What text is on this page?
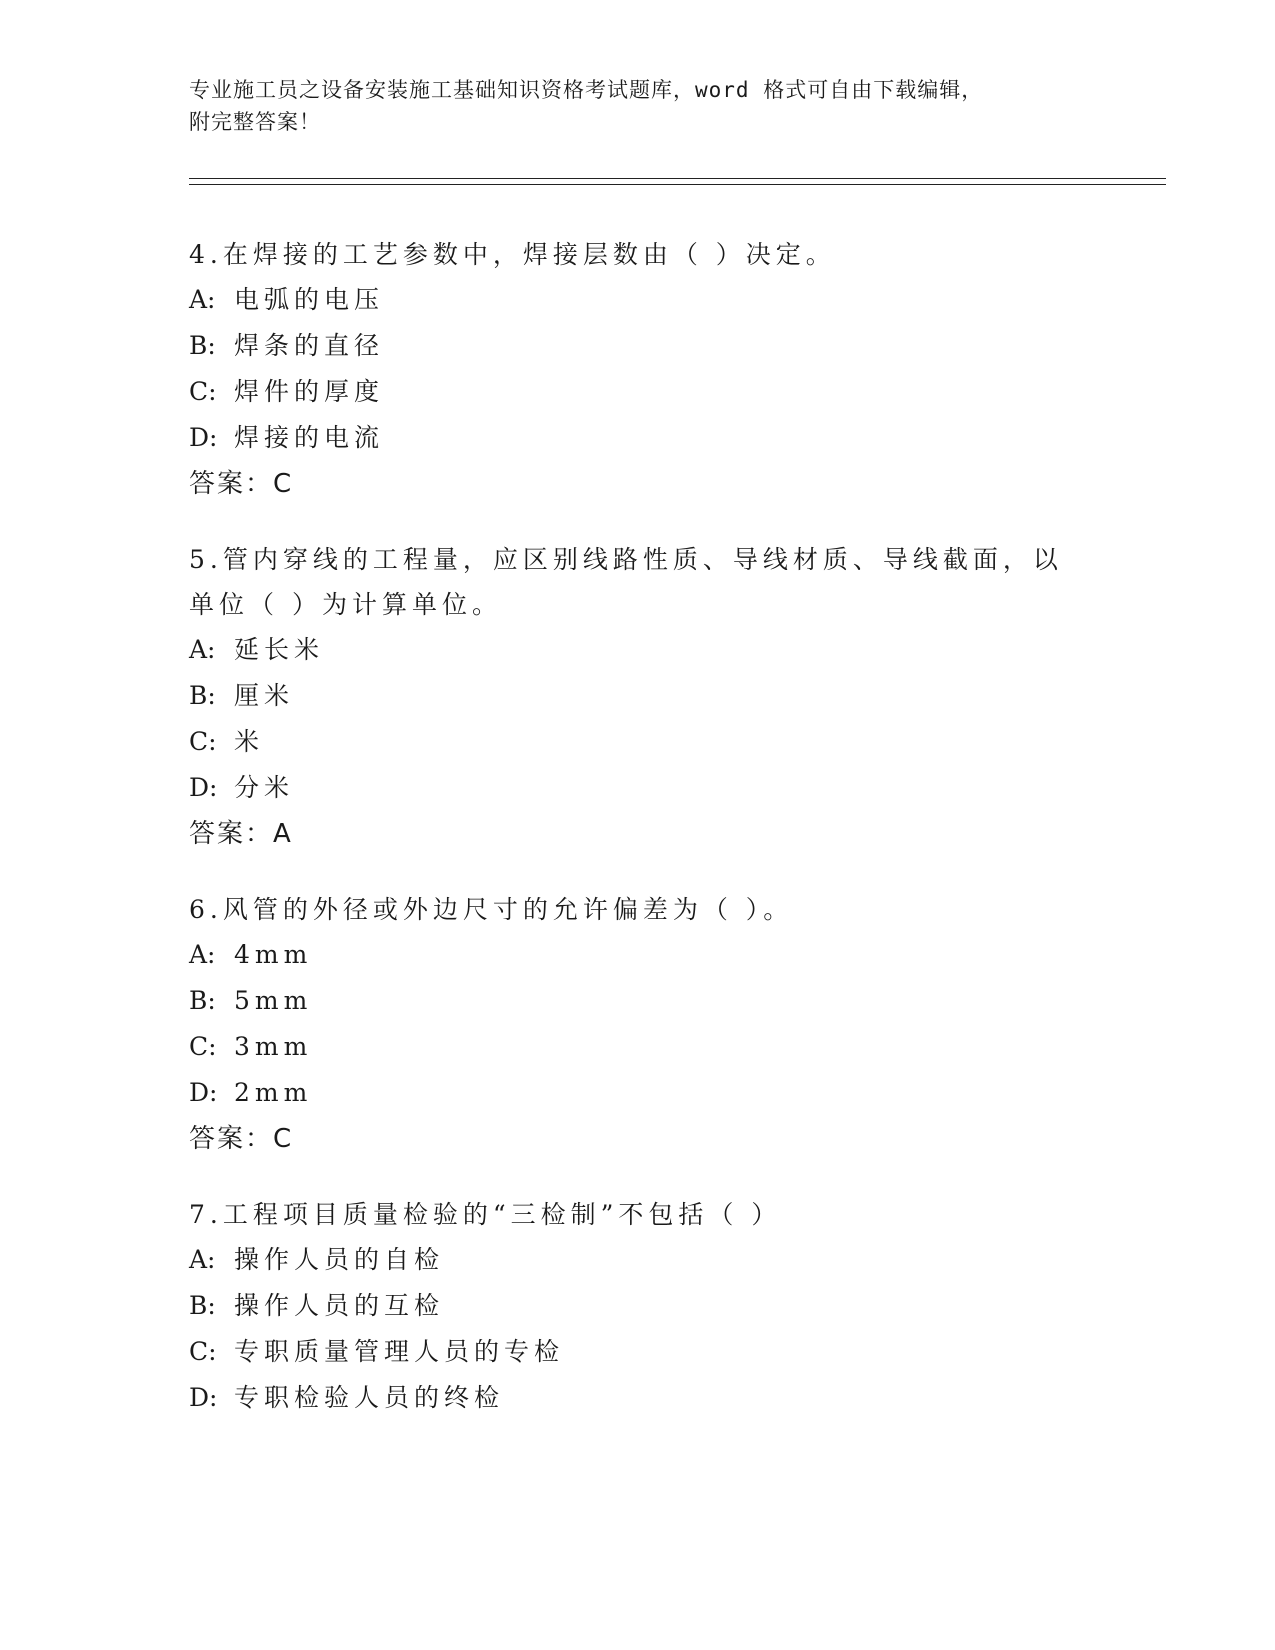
专业施工员之设备安装施工基础知识资格考试题库，word 格式可自由下载编辑，
附完整答案！

4.在焊接的工艺参数中，焊接层数由（ ）决定。

A: 电弧的电压

B: 焊条的直径

C: 焊件的厚度

D: 焊接的电流

答案：C

5.管内穿线的工程量，应区别线路性质、导线材质、导线截面，以单位（ ）为计算单位。

A: 延长米

B: 厘米

C: 米

D: 分米

答案：A

6.风管的外径或外边尺寸的允许偏差为（ ）。

A: 4mm

B: 5mm

C: 3mm

D: 2mm

答案：C

7.工程项目质量检验的“三检制”不包括（ ）

A: 操作人员的自检

B: 操作人员的互检

C: 专职质量管理人员的专检

D: 专职检验人员的终检
